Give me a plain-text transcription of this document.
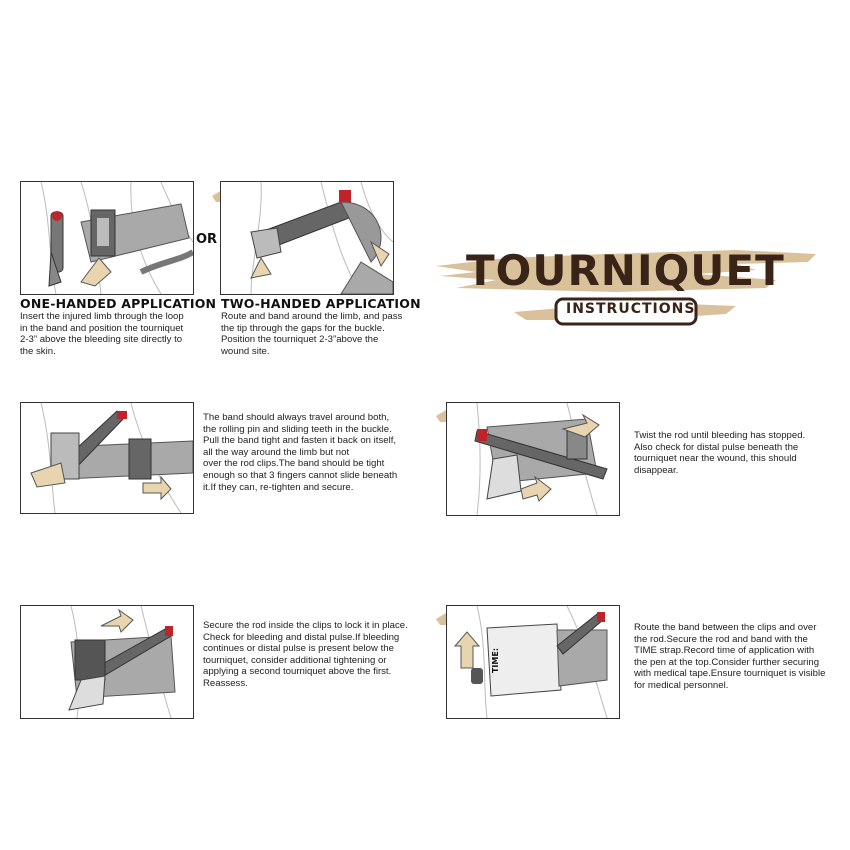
TOURNIQUET
INSTRUCTIONS
ONE-HANDED APPLICATION
Insert the injured limb through the loop
in the band and position the tourniquet
2-3” above the bleeding site directly to
the skin.
OR
TWO-HANDED APPLICATION
Route and band around the limb, and pass
the tip through the gaps for the buckle.
Position the tourniquet 2-3”above the
wound site.
The band should always travel around both,
the rolling pin and sliding teeth in the buckle.
Pull the band tight and fasten it back on itself,
all the way around the limb but not
over the rod clips.The band should be tight
enough so that 3 fingers cannot slide beneath
it.If they can, re-tighten and secure.
Twist the rod until bleeding has stopped.
Also check for distal pulse beneath the
tourniquet near the wound, this should
disappear.
Secure the rod inside the clips to lock it in place.
Check for bleeding and distal pulse.If bleeding
continues or distal pulse is present below the
tourniquet, consider additional tightening or
applying a second tourniquet above the first.
Reassess.
TIME:
Route the band between the clips and over
the rod.Secure the rod and band with the
TIME strap.Record time of application with
the pen at the top.Consider further securing
with medical tape.Ensure tourniquet is visible
for medical personnel.
